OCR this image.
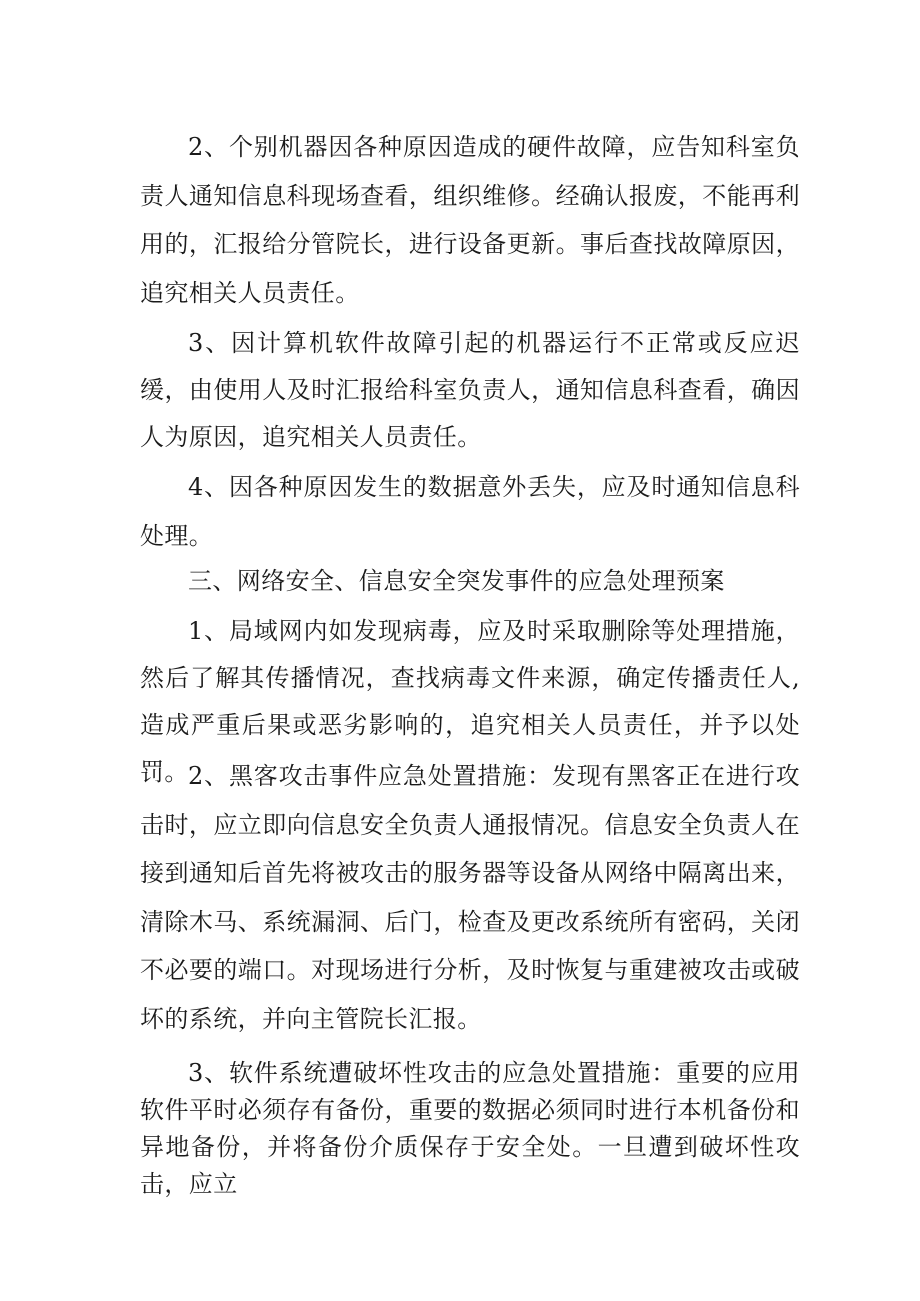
2、个别机器因各种原因造成的硬件故障，应告知科室负责人通知信息科现场查看，组织维修。经确认报废，不能再利用的，汇报给分管院长，进行设备更新。事后查找故障原因，追究相关人员责任。

3、因计算机软件故障引起的机器运行不正常或反应迟缓，由使用人及时汇报给科室负责人，通知信息科查看，确因人为原因，追究相关人员责任。

4、因各种原因发生的数据意外丢失，应及时通知信息科处理。

三、网络安全、信息安全突发事件的应急处理预案

1、局域网内如发现病毒，应及时采取删除等处理措施，然后了解其传播情况，查找病毒文件来源，确定传播责任人,造成严重后果或恶劣影响的，追究相关人员责任，并予以处罚。 2、黑客攻击事件应急处置措施：发现有黑客正在进行攻击时，应立即向信息安全负责人通报情况。信息安全负责人在接到通知后首先将被攻击的服务器等设备从网络中隔离出来，清除木马、系统漏洞、后门，检查及更改系统所有密码，关闭不必要的端口。对现场进行分析，及时恢复与重建被攻击或破坏的系统，并向主管院长汇报。

3、软件系统遭破坏性攻击的应急处置措施：重要的应用软件平时必须存有备份，重要的数据必须同时进行本机备份和异地备份，并将备份介质保存于安全处。一旦遭到破坏性攻击，应立
